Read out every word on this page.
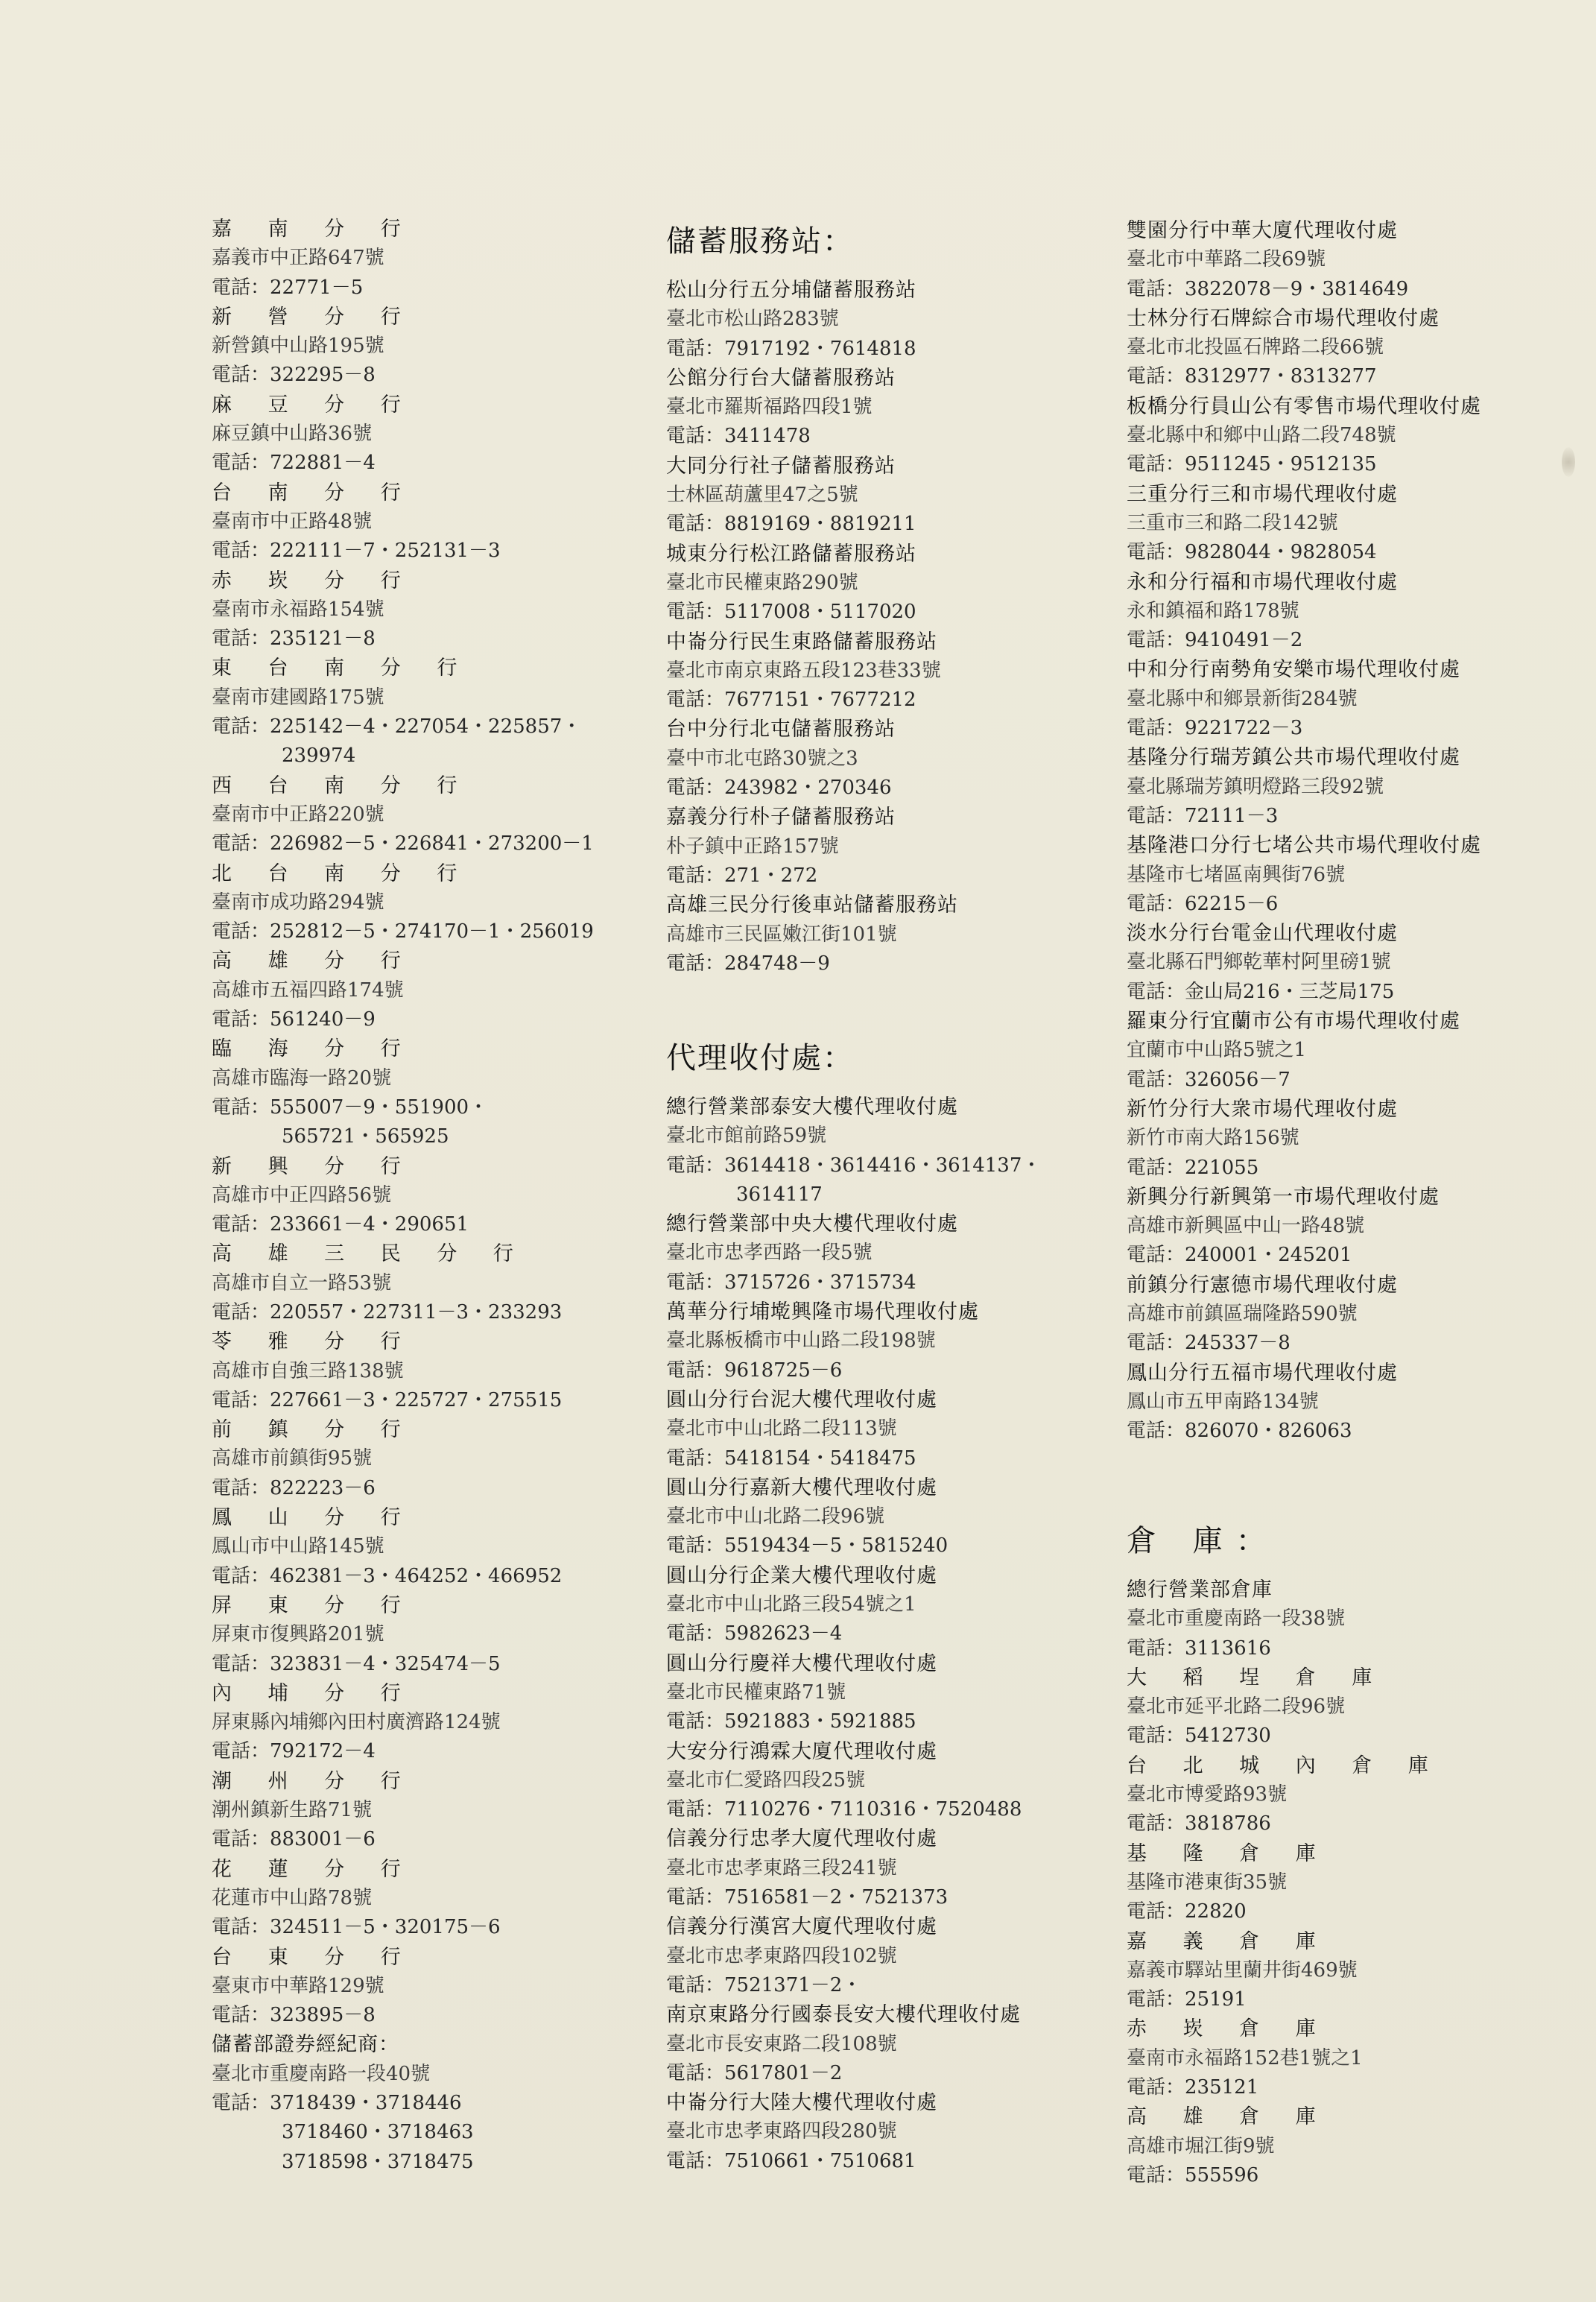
嘉 南 分 行
嘉義市中正路647號
電話：22771－5
新 營 分 行
新營鎮中山路195號
電話：322295－8
麻 豆 分 行
麻豆鎮中山路36號
電話：722881－4
台 南 分 行
臺南市中正路48號
電話：222111－7・252131－3
赤 崁 分 行
臺南市永福路154號
電話：235121－8
東 台 南 分 行
臺南市建國路175號
電話：225142－4・227054・225857・
239974
西 台 南 分 行
臺南市中正路220號
電話：226982－5・226841・273200－1
北 台 南 分 行
臺南市成功路294號
電話：252812－5・274170－1・256019
高 雄 分 行
高雄市五福四路174號
電話：561240－9
臨 海 分 行
高雄市臨海一路20號
電話：555007－9・551900・
565721・565925
新 興 分 行
高雄市中正四路56號
電話：233661－4・290651
高 雄 三 民 分 行
高雄市自立一路53號
電話：220557・227311－3・233293
苓 雅 分 行
高雄市自強三路138號
電話：227661－3・225727・275515
前 鎮 分 行
高雄市前鎮街95號
電話：822223－6
鳳 山 分 行
鳳山市中山路145號
電話：462381－3・464252・466952
屏 東 分 行
屏東市復興路201號
電話：323831－4・325474－5
內 埔 分 行
屏東縣內埔鄉內田村廣濟路124號
電話：792172－4
潮 州 分 行
潮州鎮新生路71號
電話：883001－6
花 蓮 分 行
花蓮市中山路78號
電話：324511－5・320175－6
台 東 分 行
臺東市中華路129號
電話：323895－8
儲蓄部證券經紀商：
臺北市重慶南路一段40號
電話：3718439・3718446
3718460・3718463
3718598・3718475
儲蓄服務站：
松山分行五分埔儲蓄服務站
臺北市松山路283號
電話：7917192・7614818
公館分行台大儲蓄服務站
臺北市羅斯福路四段1號
電話：3411478
大同分行社子儲蓄服務站
士林區葫蘆里47之5號
電話：8819169・8819211
城東分行松江路儲蓄服務站
臺北市民權東路290號
電話：5117008・5117020
中崙分行民生東路儲蓄服務站
臺北市南京東路五段123巷33號
電話：7677151・7677212
台中分行北屯儲蓄服務站
臺中市北屯路30號之3
電話：243982・270346
嘉義分行朴子儲蓄服務站
朴子鎮中正路157號
電話：271・272
高雄三民分行後車站儲蓄服務站
高雄市三民區嫩江街101號
電話：284748－9
代理收付處：
總行營業部泰安大樓代理收付處
臺北市館前路59號
電話：3614418・3614416・3614137・
3614117
總行營業部中央大樓代理收付處
臺北市忠孝西路一段5號
電話：3715726・3715734
萬華分行埔墘興隆市場代理收付處
臺北縣板橋市中山路二段198號
電話：9618725－6
圓山分行台泥大樓代理收付處
臺北市中山北路二段113號
電話：5418154・5418475
圓山分行嘉新大樓代理收付處
臺北市中山北路二段96號
電話：5519434－5・5815240
圓山分行企業大樓代理收付處
臺北市中山北路三段54號之1
電話：5982623－4
圓山分行慶祥大樓代理收付處
臺北市民權東路71號
電話：5921883・5921885
大安分行鴻霖大廈代理收付處
臺北市仁愛路四段25號
電話：7110276・7110316・7520488
信義分行忠孝大廈代理收付處
臺北市忠孝東路三段241號
電話：7516581－2・7521373
信義分行漢宮大廈代理收付處
臺北市忠孝東路四段102號
電話：7521371－2・
南京東路分行國泰長安大樓代理收付處
臺北市長安東路二段108號
電話：5617801－2
中崙分行大陸大樓代理收付處
臺北市忠孝東路四段280號
電話：7510661・7510681
雙園分行中華大廈代理收付處
臺北市中華路二段69號
電話：3822078－9・3814649
士林分行石牌綜合市場代理收付處
臺北市北投區石牌路二段66號
電話：8312977・8313277
板橋分行員山公有零售市場代理收付處
臺北縣中和鄉中山路二段748號
電話：9511245・9512135
三重分行三和市場代理收付處
三重市三和路二段142號
電話：9828044・9828054
永和分行福和市場代理收付處
永和鎮福和路178號
電話：9410491－2
中和分行南勢角安樂市場代理收付處
臺北縣中和鄉景新街284號
電話：9221722－3
基隆分行瑞芳鎮公共市場代理收付處
臺北縣瑞芳鎮明燈路三段92號
電話：72111－3
基隆港口分行七堵公共市場代理收付處
基隆市七堵區南興街76號
電話：62215－6
淡水分行台電金山代理收付處
臺北縣石門鄉乾華村阿里磅1號
電話：金山局216・三芝局175
羅東分行宜蘭市公有市場代理收付處
宜蘭市中山路5號之1
電話：326056－7
新竹分行大衆市場代理收付處
新竹市南大路156號
電話：221055
新興分行新興第一市場代理收付處
高雄市新興區中山一路48號
電話：240001・245201
前鎮分行憲德市場代理收付處
高雄市前鎮區瑞隆路590號
電話：245337－8
鳳山分行五福市場代理收付處
鳳山市五甲南路134號
電話：826070・826063
倉 庫：
總行營業部倉庫
臺北市重慶南路一段38號
電話：3113616
大 稻 埕 倉 庫
臺北市延平北路二段96號
電話：5412730
台 北 城 內 倉 庫
臺北市博愛路93號
電話：3818786
基 隆 倉 庫
基隆市港東街35號
電話：22820
嘉 義 倉 庫
嘉義市驛站里蘭井街469號
電話：25191
赤 崁 倉 庫
臺南市永福路152巷1號之1
電話：235121
高 雄 倉 庫
高雄市堀江街9號
電話：555596
